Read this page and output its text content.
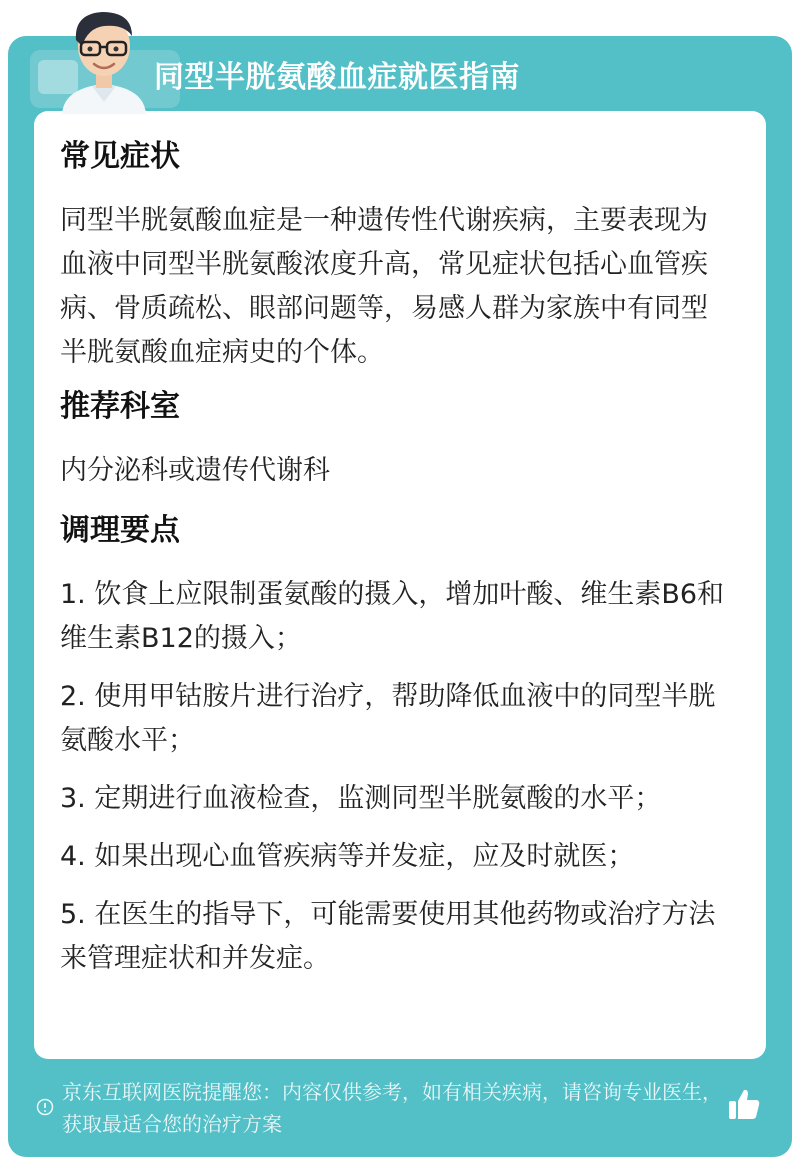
同型半胱氨酸血症就医指南
常见症状
同型半胱氨酸血症是一种遗传性代谢疾病，主要表现为血液中同型半胱氨酸浓度升高，常见症状包括心血管疾病、骨质疏松、眼部问题等，易感人群为家族中有同型半胱氨酸血症病史的个体。
推荐科室
内分泌科或遗传代谢科
调理要点
1. 饮食上应限制蛋氨酸的摄入，增加叶酸、维生素B6和维生素B12的摄入；
2. 使用甲钴胺片进行治疗，帮助降低血液中的同型半胱氨酸水平；
3. 定期进行血液检查，监测同型半胱氨酸的水平；
4. 如果出现心血管疾病等并发症，应及时就医；
5. 在医生的指导下，可能需要使用其他药物或治疗方法来管理症状和并发症。
京东互联网医院提醒您：内容仅供参考，如有相关疾病，请咨询专业医生，获取最适合您的治疗方案
